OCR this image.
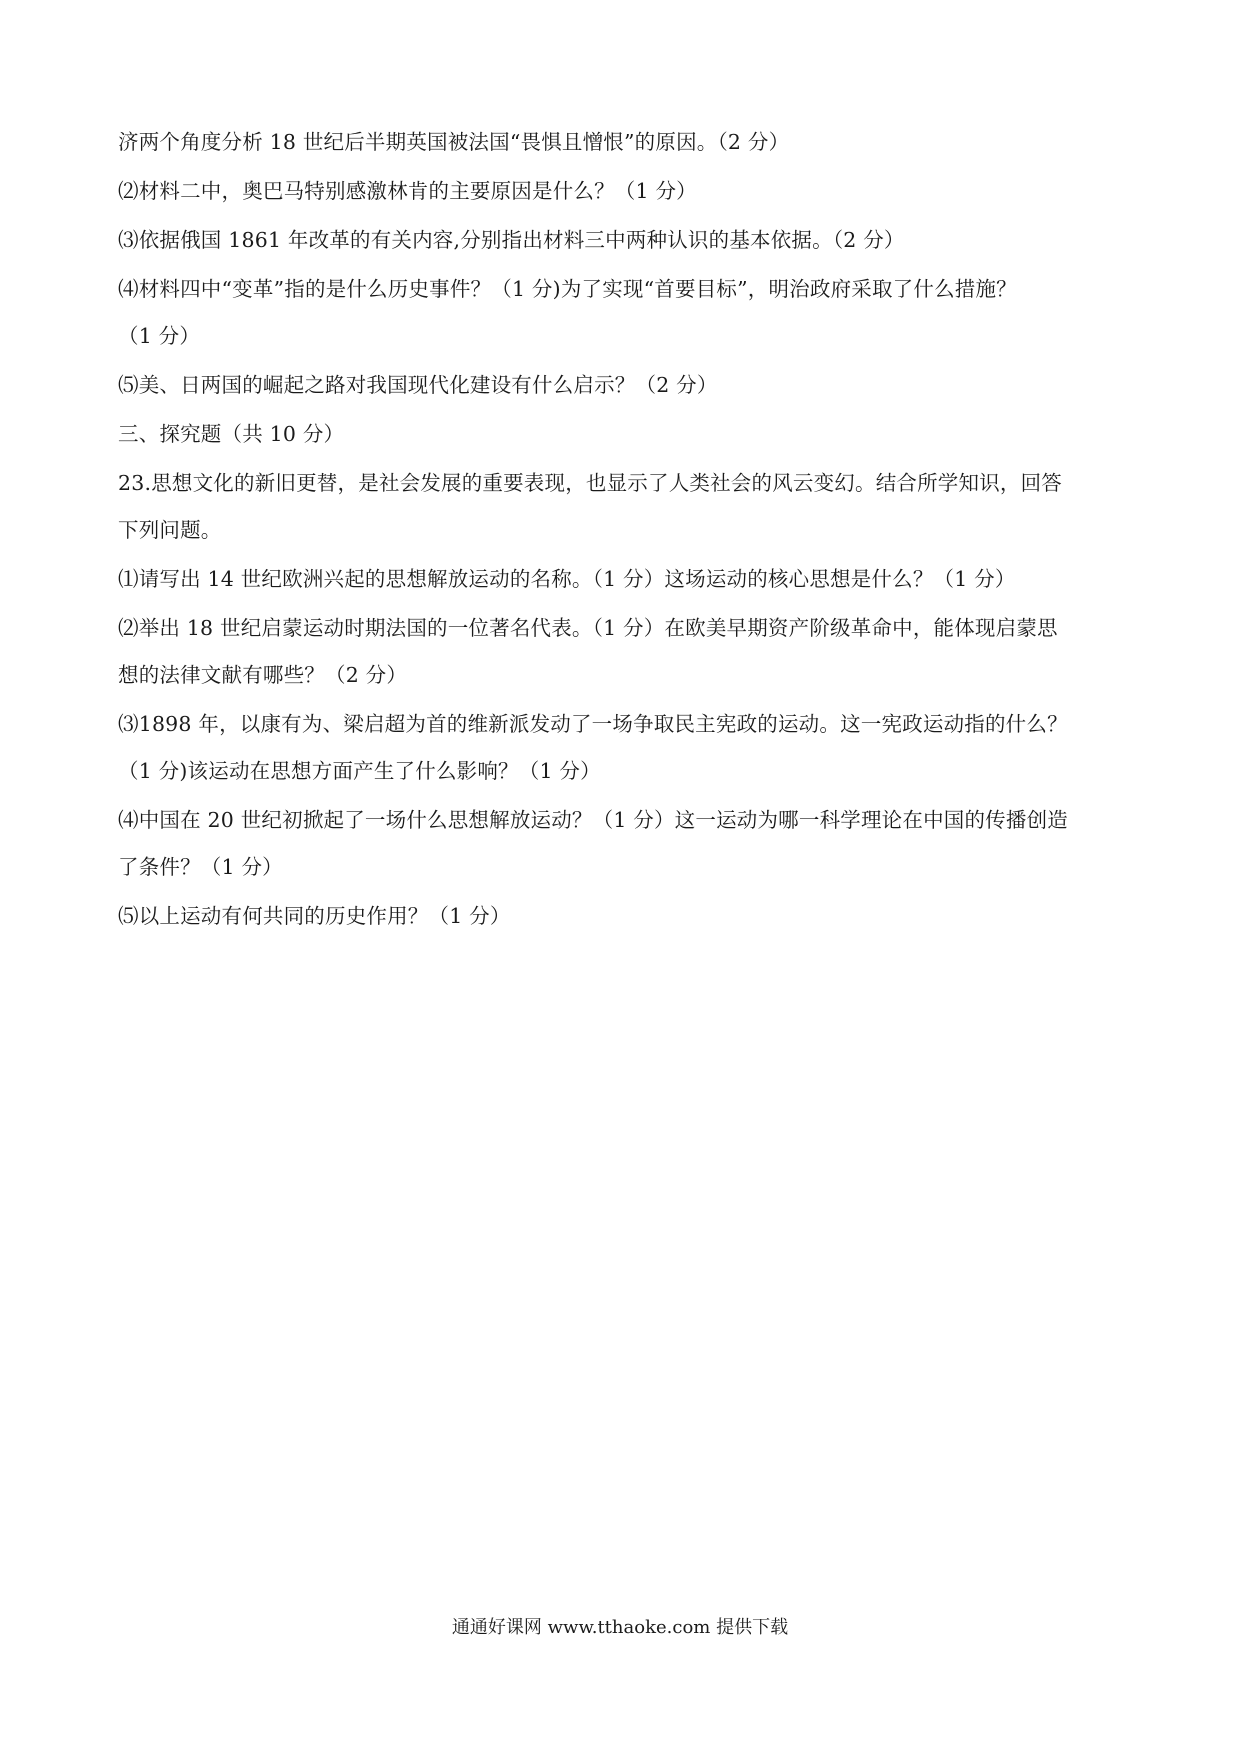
济两个角度分析 18 世纪后半期英国被法国“畏惧且憎恨”的原因。（2 分）
⑵材料二中，奥巴马特别感激林肯的主要原因是什么？（1 分）
⑶依据俄国 1861 年改革的有关内容,分别指出材料三中两种认识的基本依据。（2 分）
⑷材料四中“变革”指的是什么历史事件？（1 分)为了实现“首要目标”，明治政府采取了什么措施？
（1 分）
⑸美、日两国的崛起之路对我国现代化建设有什么启示？（2 分）
三、探究题（共 10 分）
23.思想文化的新旧更替，是社会发展的重要表现，也显示了人类社会的风云变幻。结合所学知识，回答
下列问题。
⑴请写出 14 世纪欧洲兴起的思想解放运动的名称。（1 分）这场运动的核心思想是什么？（1 分）
⑵举出 18 世纪启蒙运动时期法国的一位著名代表。（1 分）在欧美早期资产阶级革命中，能体现启蒙思
想的法律文献有哪些？（2 分）
⑶1898 年，以康有为、梁启超为首的维新派发动了一场争取民主宪政的运动。这一宪政运动指的什么？
（1 分)该运动在思想方面产生了什么影响？（1 分）
⑷中国在 20 世纪初掀起了一场什么思想解放运动？（1 分）这一运动为哪一科学理论在中国的传播创造
了条件？（1 分）
⑸以上运动有何共同的历史作用？（1 分）
通通好课网 www.tthaoke.com 提供下载
